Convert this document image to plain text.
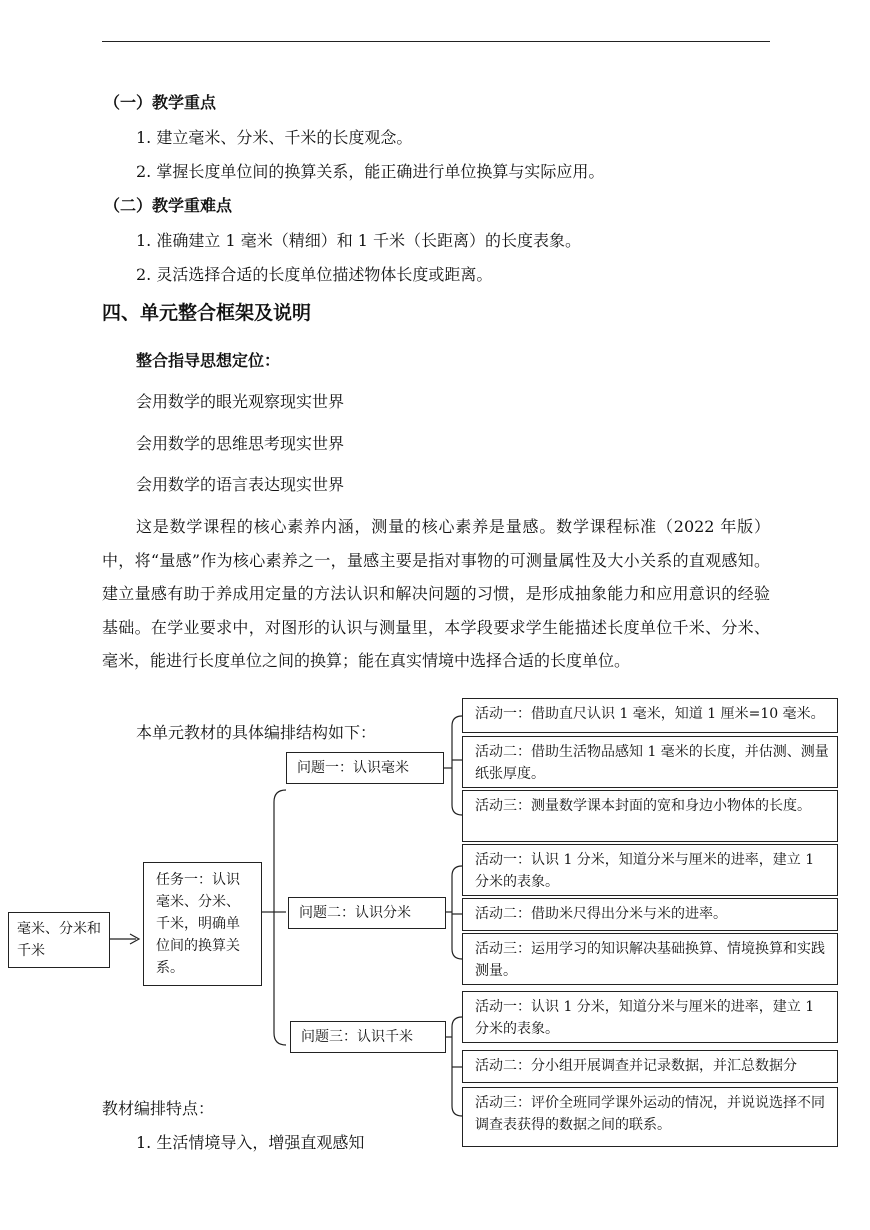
（一）教学重点
1. 建立毫米、分米、千米的长度观念。
2. 掌握长度单位间的换算关系，能正确进行单位换算与实际应用。
（二）教学重难点
1. 准确建立 1 毫米（精细）和 1 千米（长距离）的长度表象。
2. 灵活选择合适的长度单位描述物体长度或距离。
四、单元整合框架及说明
整合指导思想定位：
会用数学的眼光观察现实世界
会用数学的思维思考现实世界
会用数学的语言表达现实世界

这是数学课程的核心素养内涵，测量的核心素养是量感。数学课程标准（2022 年版）中，将“量感”作为核心素养之一，量感主要是指对事物的可测量属性及大小关系的直观感知。建立量感有助于养成用定量的方法认识和解决问题的习惯，是形成抽象能力和应用意识的经验基础。在学业要求中，对图形的认识与测量里，本学段要求学生能描述长度单位千米、分米、毫米，能进行长度单位之间的换算；能在真实情境中选择合适的长度单位。

本单元教材的具体编排结构如下：
毫米、分米和千米
任务一：认识毫米、分米、千米，明确单位间的换算关系。
问题一：认识毫米
问题二：认识分米
问题三：认识千米
活动一：借助直尺认识 1 毫米，知道 1 厘米=10 毫米。
活动二：借助生活物品感知 1 毫米的长度，并估测、测量纸张厚度。
活动三：测量数学课本封面的宽和身边小物体的长度。
活动一：认识 1 分米，知道分米与厘米的进率，建立 1 分米的表象。
活动二：借助米尺得出分米与米的进率。
活动三：运用学习的知识解决基础换算、情境换算和实践测量。
活动一：认识 1 分米，知道分米与厘米的进率，建立 1 分米的表象。
活动二：分小组开展调查并记录数据，并汇总数据分
活动三：评价全班同学课外运动的情况，并说说选择不同调查表获得的数据之间的联系。
教材编排特点：
1. 生活情境导入，增强直观感知
